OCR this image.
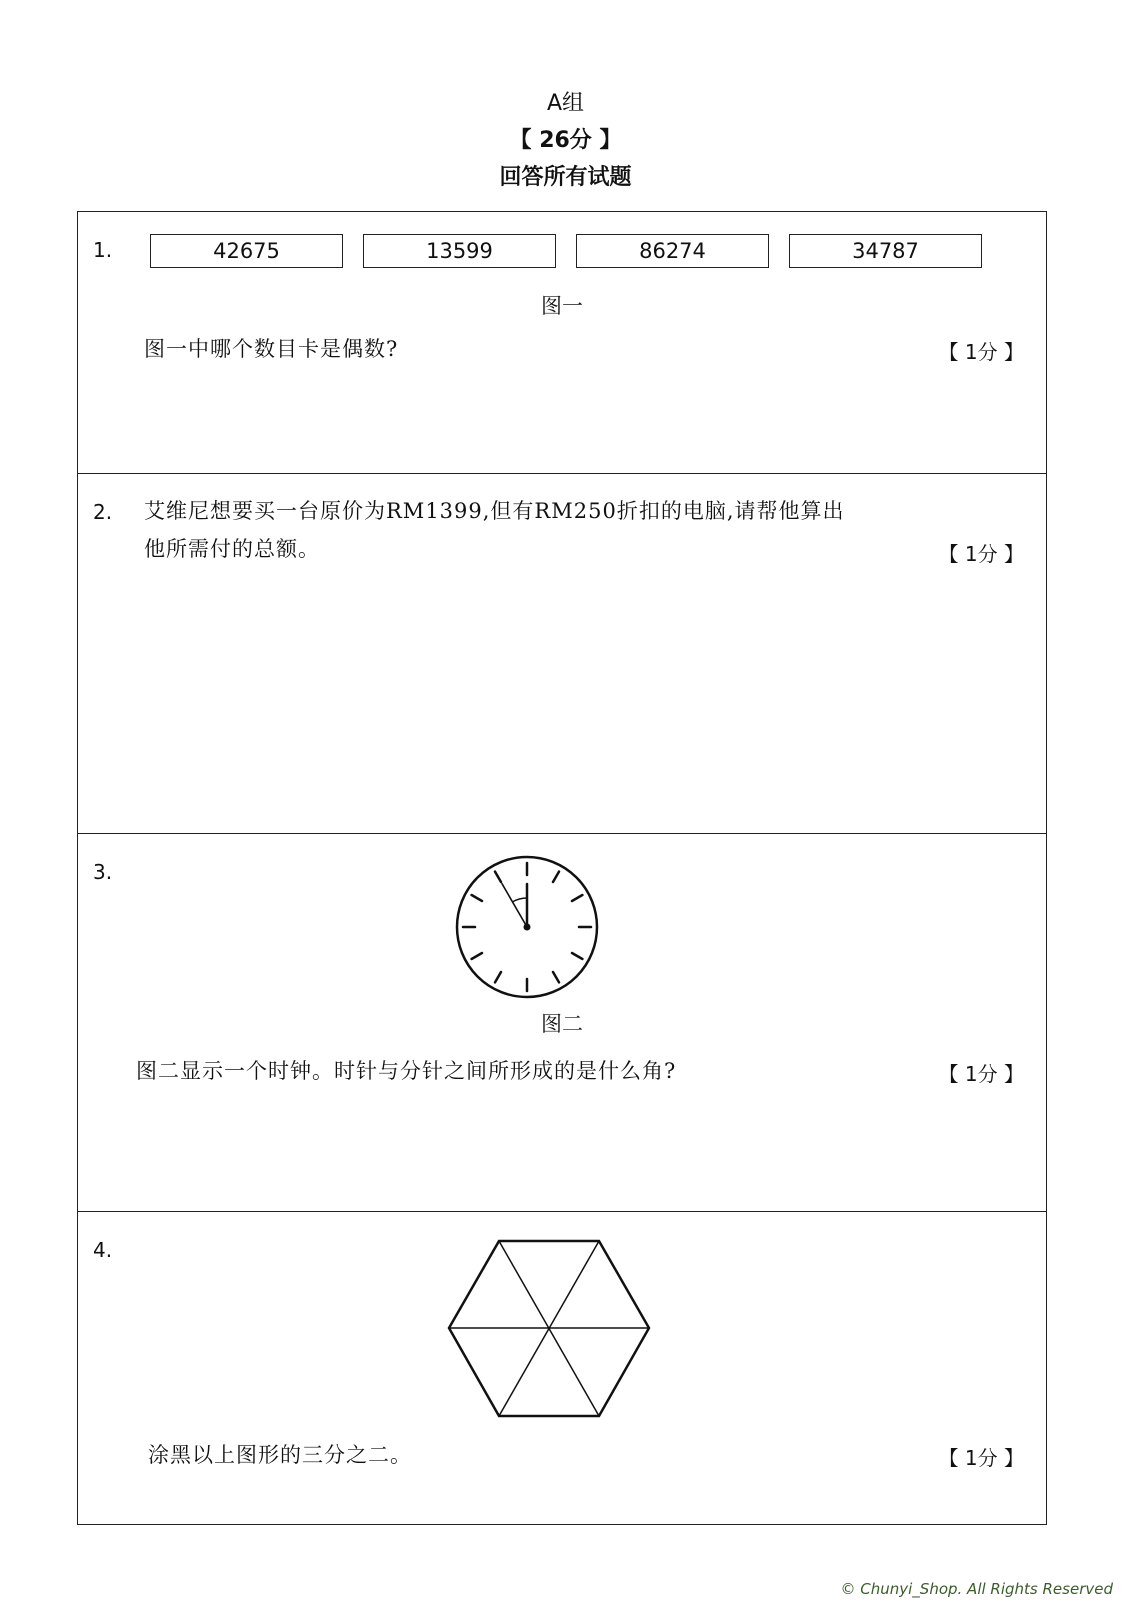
A组
【 26分 】
回答所有试题
1.	42675	13599	86274	34787
图一
图一中哪个数目卡是偶数?	【 1分 】
2. 艾维尼想要买一台原价为RM1399,但有RM250折扣的电脑,请帮他算出
他所需付的总额。	【 1分 】
3.
图二
图二显示一个时钟。时针与分针之间所形成的是什么角?	【 1分 】
4.
涂黑以上图形的三分之二。	【 1分 】
© Chunyi_Shop. All Rights Reserved
